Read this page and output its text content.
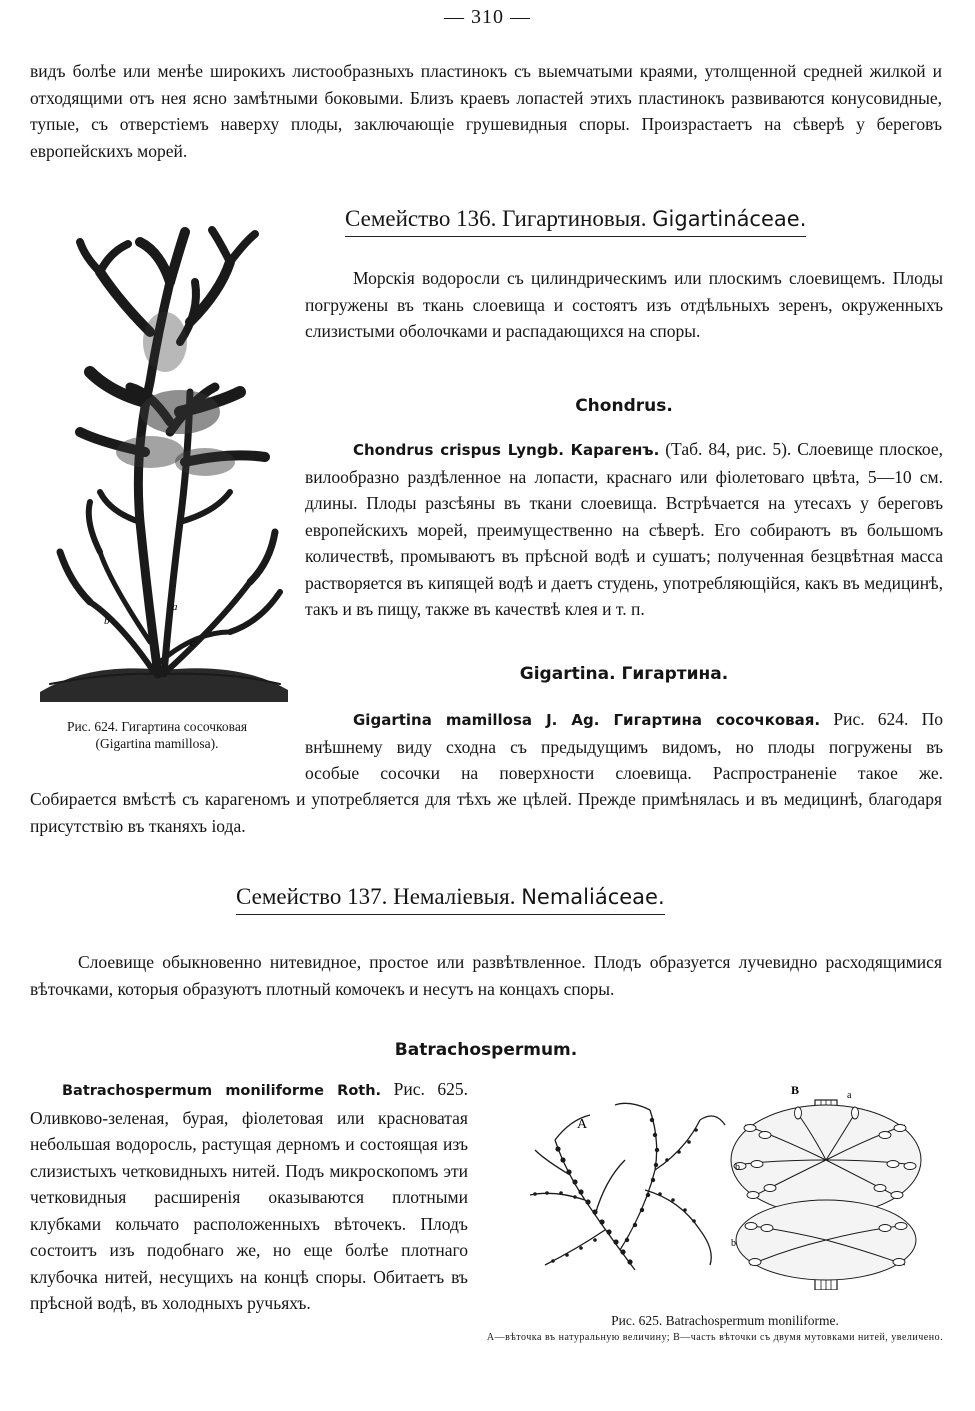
— 310 —

видъ болѣе или менѣе широкихъ листообразныхъ пластинокъ съ выемчатыми краями, утолщенной средней жилкой и отходящими отъ нея ясно замѣтными боковыми. Близъ краевъ лопастей этихъ пластинокъ развиваются конусовидные, тупые, съ отверстіемъ наверху плоды, заключающіе грушевидныя споры. Произрастаетъ на сѣверѣ у береговъ европейскихъ морей.

Семейство 136. Гигартиновыя. Gigartináceae.

Морскія водоросли съ цилиндрическимъ или плоскимъ слоевищемъ. Плоды погружены въ ткань слоевища и состоятъ изъ отдѣльныхъ зеренъ, окруженныхъ слизистыми оболочками и распадающихся на споры.

b
a
c
Рис. 624. Гигартина сосочковая
(Gigartina mamillosa).
Chondrus.

Chondrus crispus Lyngb. Карагенъ. (Таб. 84, рис. 5). Слоевище плоское, вилообразно раздѣленное на лопасти, краснаго или фіолетоваго цвѣта, 5—10 см. длины. Плоды разсѣяны въ ткани слоевища. Встрѣчается на утесахъ у береговъ европейскихъ морей, преимущественно на сѣверѣ. Его собираютъ въ большомъ количествѣ, промываютъ въ прѣсной водѣ и сушатъ; полученная безцвѣтная масса растворяется въ кипящей водѣ и даетъ студень, употребляющійся, какъ въ медицинѣ, такъ и въ пищу, также въ качествѣ клея и т. п.

Gigartina. Гигартина.
Gigartina mamillosa J. Ag. Гигартина сосочковая. Рис. 624. По
внѣшнему виду сходна съ предыдущимъ видомъ, но плоды погружены въ
особые сосочки на поверхности слоевища. Распространеніе такое же.

Собирается вмѣстѣ съ карагеномъ и употребляется для тѣхъ же цѣлей. Прежде примѣнялась и въ медицинѣ, благодаря присутствію въ тканяхъ іода.

Семейство 137. Немаліевыя. Nemaliáceae.

Слоевище обыкновенно нитевидное, простое или развѣтвленное. Плодъ образуется лучевидно расходящимися вѣточками, которыя образуютъ плотный комочекъ и несутъ на концахъ споры.

Batrachospermum.

Batrachospermum moniliforme Roth. Рис. 625. Оливково-зеленая, бурая, фіолетовая или красноватая небольшая водоросль, растущая дерномъ и состоящая изъ слизистыхъ четковидныхъ нитей. Подъ микроскопомъ эти четковидныя расширенія оказываются плотными клубками кольчато расположенныхъ вѣточекъ. Плодъ состоитъ изъ подобнаго же, но еще болѣе плотнаго клубочка нитей, несущихъ на концѣ споры. Обитаетъ въ прѣсной водѣ, въ холодныхъ ручьяхъ.

A
B	a
b
b
Рис. 625. Batrachospermum moniliforme.
А—вѣточка въ натуральную величину; В—часть вѣточки съ двумя мутовками нитей, увеличено.
